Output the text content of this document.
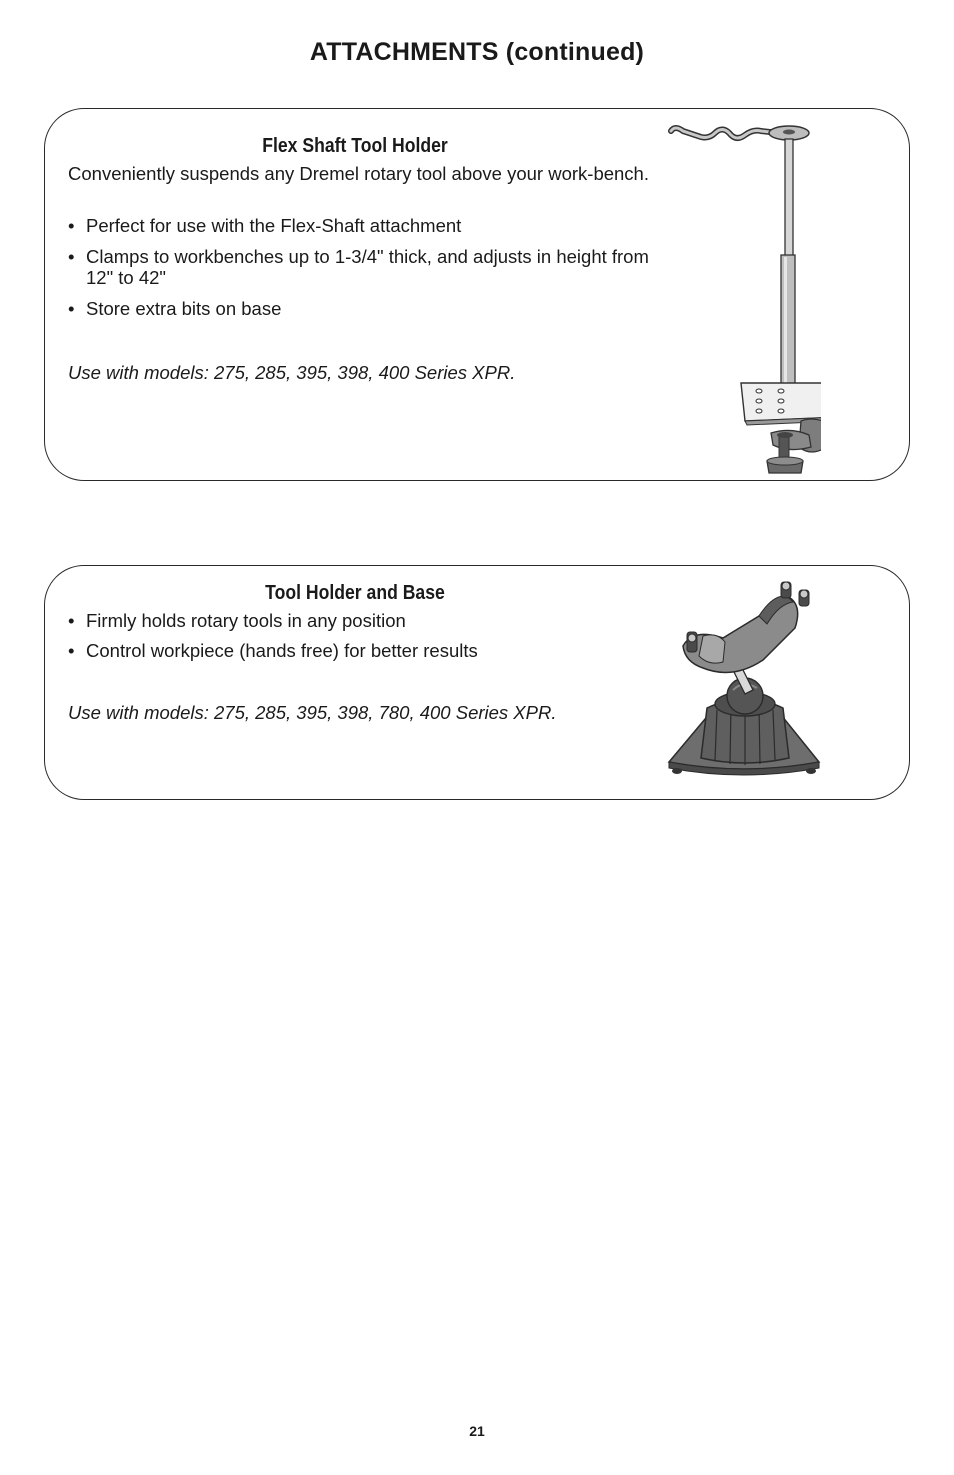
ATTACHMENTS (continued)
Flex Shaft Tool Holder
Conveniently suspends any Dremel rotary tool above your work-bench.
• Perfect for use with the Flex-Shaft attachment
• Clamps to workbenches up to 1-3/4" thick, and adjusts in height from 12" to 42"
• Store extra bits on base
Use with models: 275, 285, 395, 398, 400 Series XPR.
Tool Holder and Base
• Firmly holds rotary tools in any position
• Control workpiece (hands free) for better results
Use with models: 275, 285, 395, 398, 780, 400 Series XPR.
21
